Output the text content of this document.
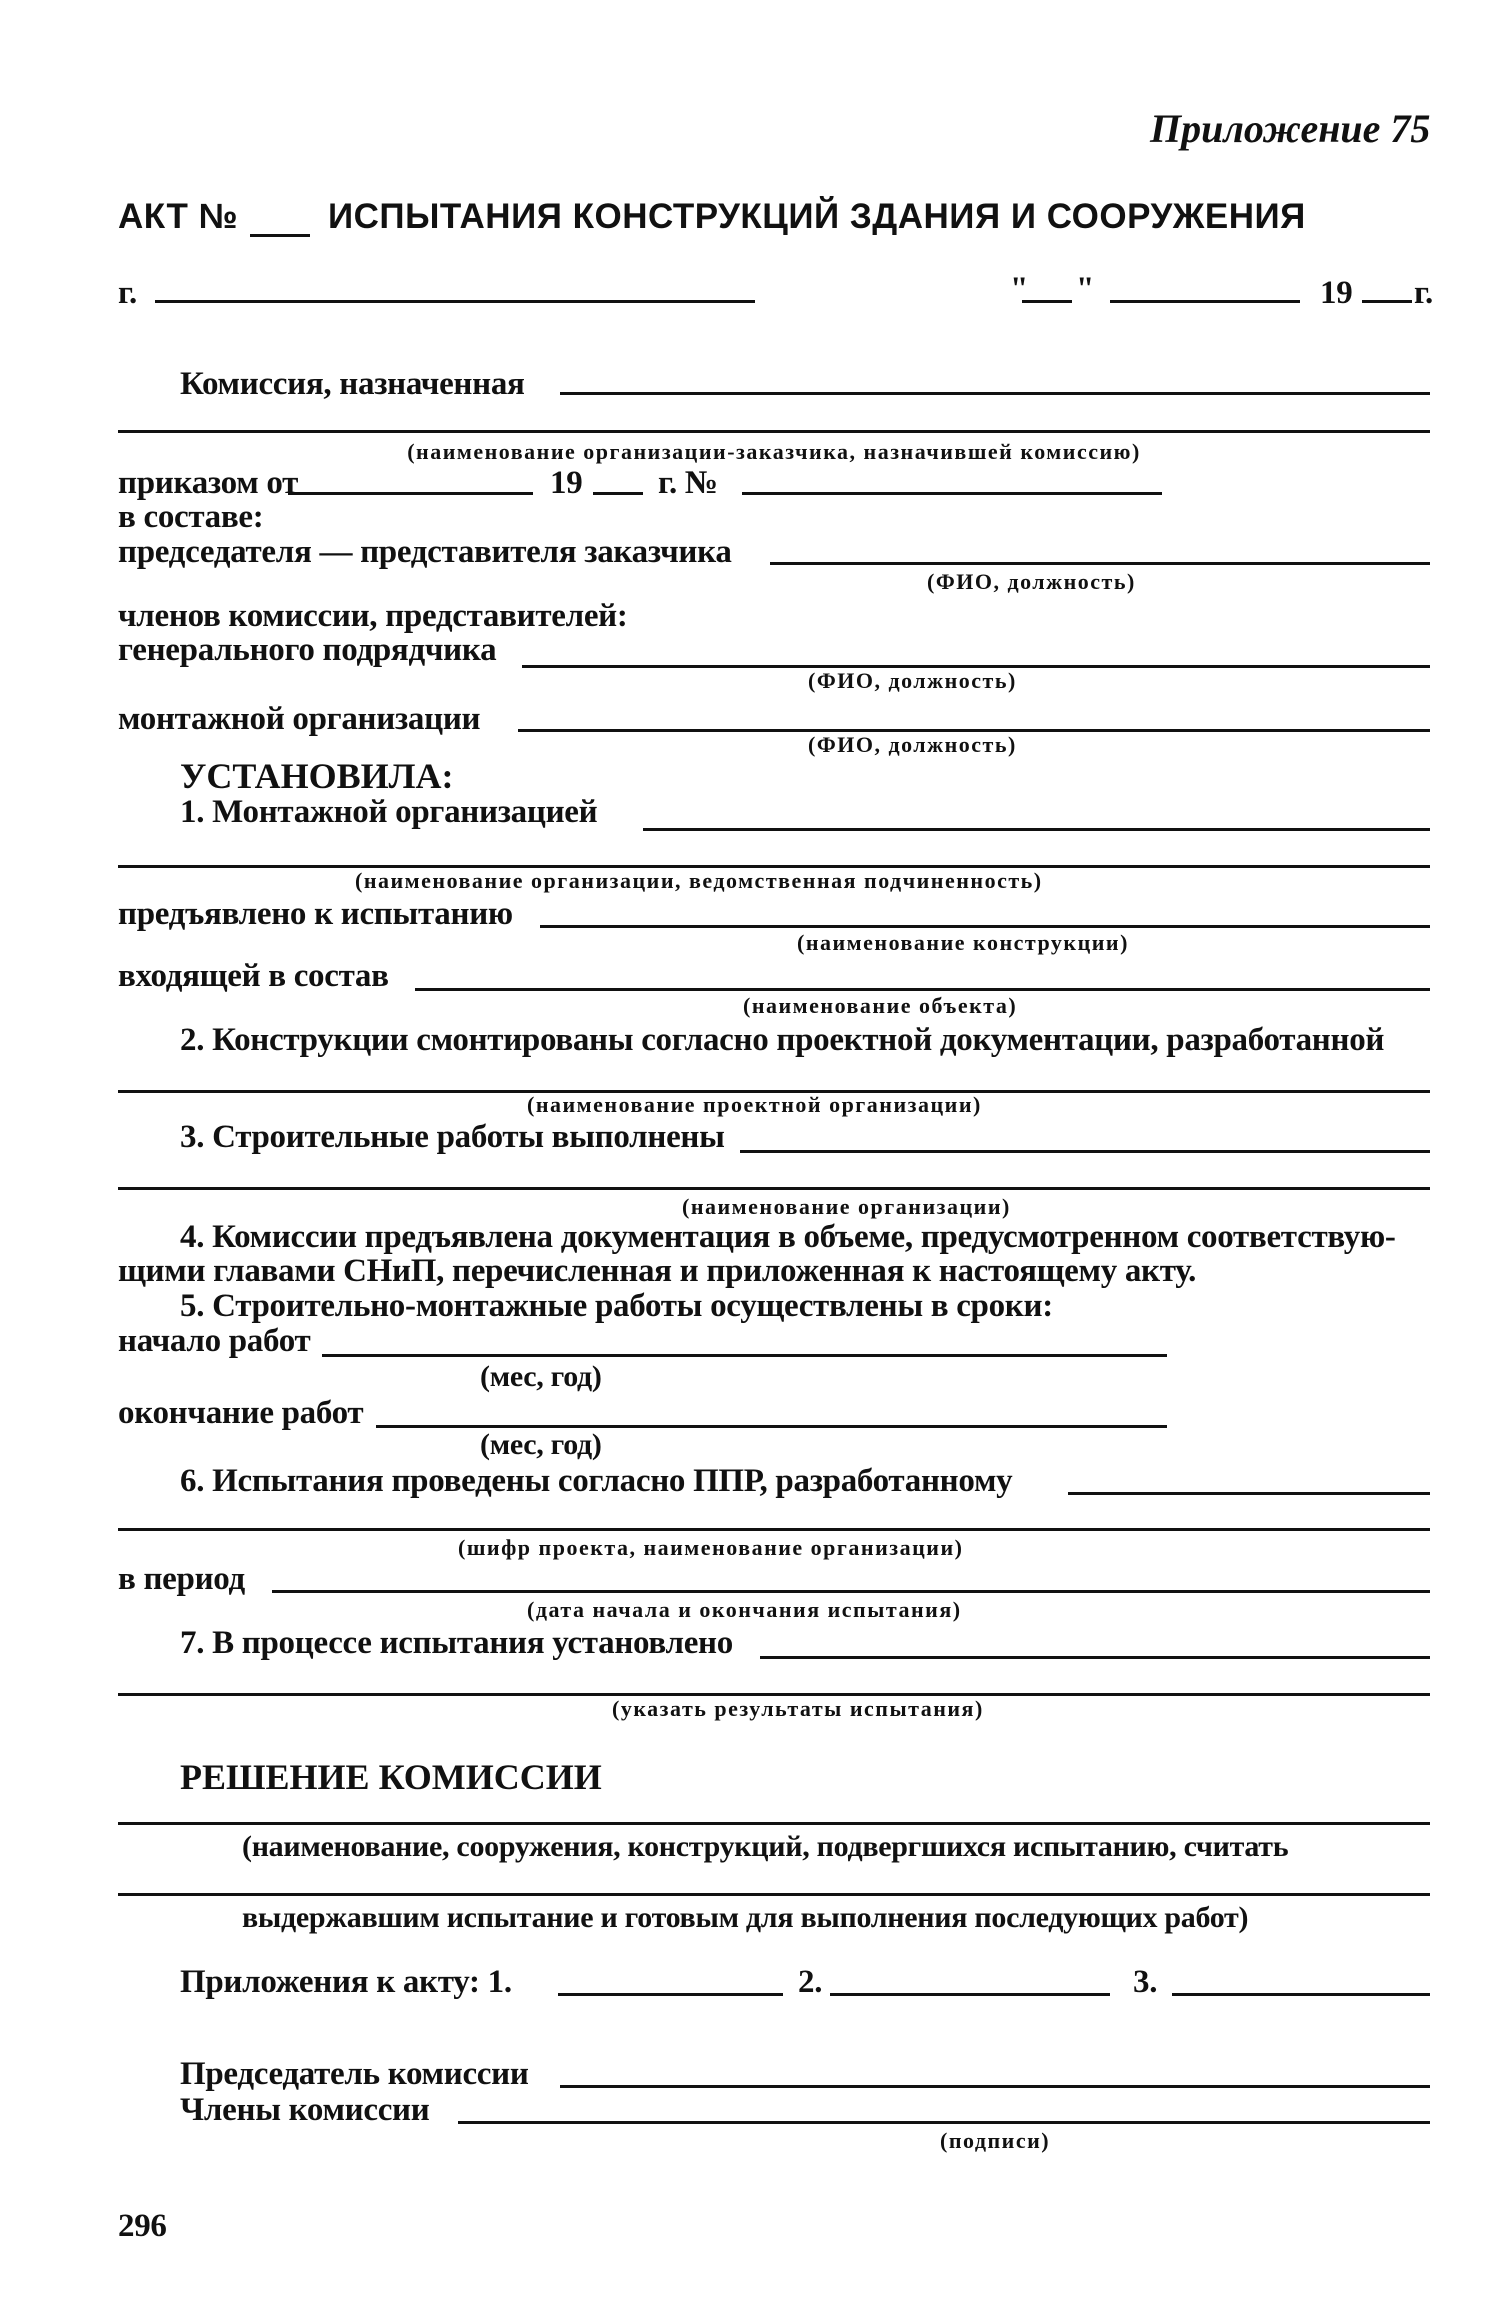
Приложение 75
АКТ №	ИСПЫТАНИЯ КОНСТРУКЦИЙ ЗДАНИЯ И СООРУЖЕНИЯ
г.	" "	19 г.
Комиссия, назначенная
(наименование организации-заказчика, назначившей комиссию)
приказом от	19 г. №
в составе:
председателя — представителя заказчика
(ФИО, должность)
членов комиссии, представителей:
генерального подрядчика
(ФИО, должность)
монтажной организации
(ФИО, должность)
УСТАНОВИЛА:
1. Монтажной организацией
(наименование организации, ведомственная подчиненность)
предъявлено к испытанию
(наименование конструкции)
входящей в состав
(наименование объекта)
2. Конструкции смонтированы согласно проектной документации, разработанной
(наименование проектной организации)
3. Строительные работы выполнены
(наименование организации)
4. Комиссии предъявлена документация в объеме, предусмотренном соответствую-
щими главами СНиП, перечисленная и приложенная к настоящему акту.
5. Строительно-монтажные работы осуществлены в сроки:
начало работ
(мес, год)
окончание работ
(мес, год)
6. Испытания проведены согласно ППР, разработанному
(шифр проекта, наименование организации)
в период
(дата начала и окончания испытания)
7. В процессе испытания установлено
(указать результаты испытания)
РЕШЕНИЕ КОМИССИИ
(наименование, сооружения, конструкций, подвергшихся испытанию, считать
выдержавшим испытание и готовым для выполнения последующих работ)
Приложения к акту: 1.	2.	3.
Председатель комиссии
Члены комиссии
(подписи)
296
